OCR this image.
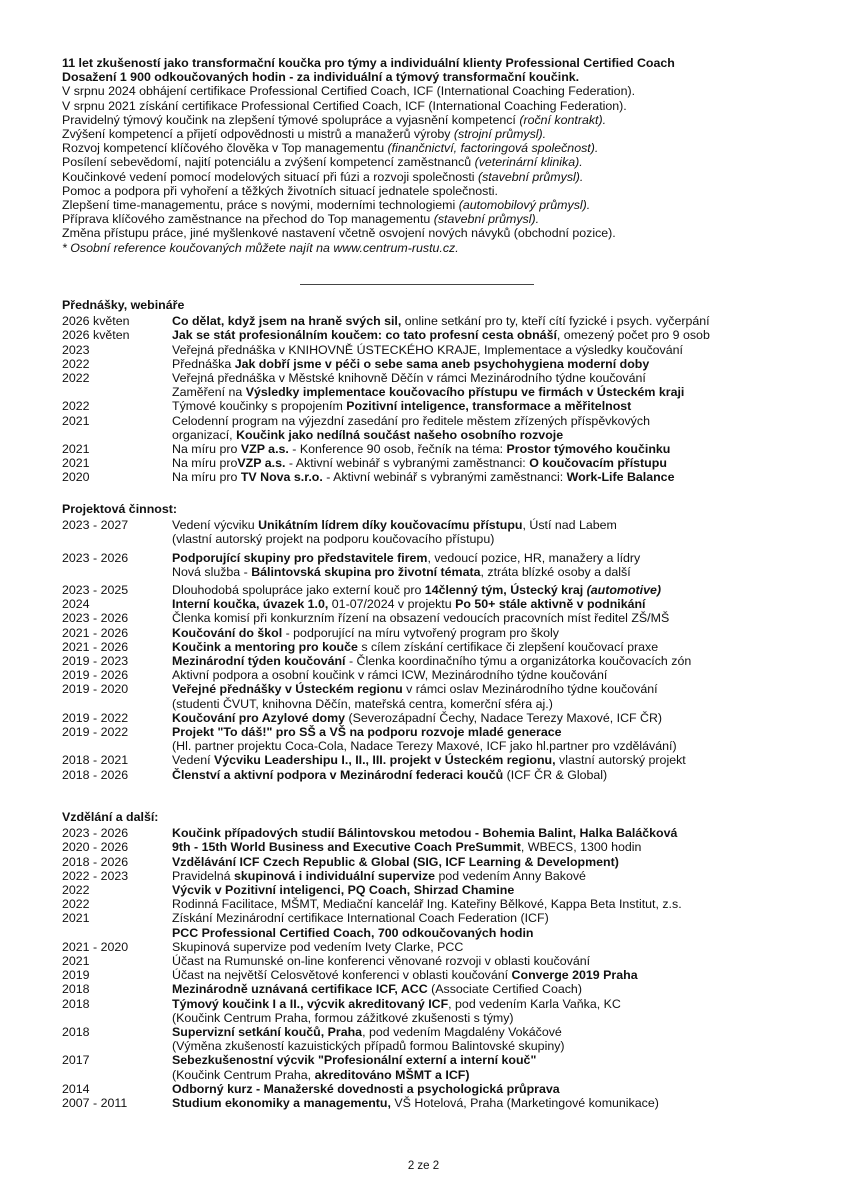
11 let zkušeností jako transformační koučka pro týmy a individuální klienty Professional Certified Coach
Dosažení 1 900 odkoučovaných hodin - za individuální a týmový transformační koučink.
V srpnu 2024 obhájení certifikace Professional Certified Coach, ICF (International Coaching Federation).
V srpnu 2021 získání certifikace Professional Certified Coach, ICF (International Coaching Federation).
Pravidelný týmový koučink na zlepšení týmové spolupráce a vyjasnění kompetencí (roční kontrakt).
Zvýšení kompetencí a přijetí odpovědnosti u mistrů a manažerů výroby (strojní průmysl).
Rozvoj kompetencí klíčového člověka v Top managementu (finančnictví, factoringová společnost).
Posílení sebevědomí, najití potenciálu a zvýšení kompetencí zaměstnanců (veterinární klinika).
Koučinkové vedení pomocí modelových situací při fúzi a rozvoji společnosti (stavební průmysl).
Pomoc a podpora při vyhoření a těžkých životních situací jednatele společnosti.
Zlepšení time-managementu, práce s novými, moderními technologiemi (automobilový průmysl).
Příprava klíčového zaměstnance na přechod do Top managementu (stavební průmysl).
Změna přístupu práce, jiné myšlenkové nastavení včetně osvojení nových návyků (obchodní pozice).
* Osobní reference koučovaných můžete najít na www.centrum-rustu.cz.
Přednášky, webináře
2026 květen	Co dělat, když jsem na hraně svých sil, online setkání pro ty, kteří cítí fyzické i psych. vyčerpání
2026 květen	Jak se stát profesionálním koučem: co tato profesní cesta obnáší, omezený počet pro 9 osob
2023	Veřejná přednáška v KNIHOVNĚ ÚSTECKÉHO KRAJE, Implementace a výsledky koučování
2022	Přednáška Jak dobří jsme v péči o sebe sama aneb psychohygiena moderní doby
2022	Veřejná přednáška v Městské knihovně Děčín v rámci Mezinárodního týdne koučování
Zaměření na Výsledky implementace koučovacího přístupu ve firmách v Ústeckém kraji
2022	Týmové koučinky s propojením Pozitivní inteligence, transformace a měřitelnost
2021	Celodenní program na výjezdní zasedání pro ředitele městem zřízených příspěvkových
organizací, Koučink jako nedílná součást našeho osobního rozvoje
2021	Na míru pro VZP a.s. - Konference 90 osob, řečník na téma: Prostor týmového koučinku
2021	Na míru proVZP a.s. - Aktivní webinář s vybranými zaměstnanci: O koučovacím přístupu
2020	Na míru pro TV Nova s.r.o. - Aktivní webinář s vybranými zaměstnanci: Work-Life Balance
Projektová činnost:
2023 - 2027	Vedení výcviku Unikátním lídrem díky koučovacímu přístupu, Ústí nad Labem
(vlastní autorský projekt na podporu koučovacího přístupu)
2023 - 2026	Podporující skupiny pro představitele firem, vedoucí pozice, HR, manažery a lídry
Nová služba - Bálintovská skupina pro životní témata, ztráta blízké osoby a další
2023 - 2025	Dlouhodobá spolupráce jako externí kouč pro 14členný tým, Ústecký kraj (automotive)
2024	Interní koučka, úvazek 1.0, 01-07/2024 v projektu Po 50+ stále aktivně v podnikání
2023 - 2026	Členka komisí při konkurzním řízení na obsazení vedoucích pracovních míst ředitel ZŠ/MŠ
2021 - 2026	Koučování do škol - podporující na míru vytvořený program pro školy
2021 - 2026	Koučink a mentoring pro kouče s cílem získání certifikace či zlepšení koučovací praxe
2019 - 2023	Mezinárodní týden koučování - Členka koordinačního týmu a organizátorka koučovacích zón
2019 - 2026	Aktivní podpora a osobní koučink v rámci ICW, Mezinárodního týdne koučování
2019 - 2020	Veřejné přednášky v Ústeckém regionu v rámci oslav Mezinárodního týdne koučování
(studenti ČVUT, knihovna Děčín, mateřská centra, komerční sféra aj.)
2019 - 2022	Koučování pro Azylové domy (Severozápadní Čechy, Nadace Terezy Maxové, ICF ČR)
2019 - 2022	Projekt "To dáš!" pro SŠ a VŠ na podporu rozvoje mladé generace
(Hl. partner projektu Coca-Cola, Nadace Terezy Maxové, ICF jako hl.partner pro vzdělávání)
2018 - 2021	Vedení Výcviku Leadershipu I., II., III. projekt v Ústeckém regionu, vlastní autorský projekt
2018 - 2026	Členství a aktivní podpora v Mezinárodní federaci koučů (ICF ČR & Global)
Vzdělání a další:
2023 - 2026	Koučink případových studií Bálintovskou metodou - Bohemia Balint, Halka Baláčková
2020 - 2026	9th - 15th World Business and Executive Coach PreSummit, WBECS, 1300 hodin
2018 - 2026	Vzdělávání ICF Czech Republic & Global (SIG, ICF Learning & Development)
2022 - 2023	Pravidelná skupinová i individuální supervize pod vedením Anny Bakové
2022	Výcvik v Pozitivní inteligenci, PQ Coach, Shirzad Chamine
2022	Rodinná Facilitace, MŠMT, Mediační kancelář Ing. Kateřiny Bělkové, Kappa Beta Institut, z.s.
2021	Získání Mezinárodní certifikace International Coach Federation (ICF)
PCC Professional Certified Coach, 700 odkoučovaných hodin
2021 - 2020	Skupinová supervize pod vedením Ivety Clarke, PCC
2021	Účast na Rumunské on-line konferenci věnované rozvoji v oblasti koučování
2019	Účast na největší Celosvětové konferenci v oblasti koučování Converge 2019 Praha
2018	Mezinárodně uznávaná certifikace ICF, ACC (Associate Certified Coach)
2018	Týmový koučink I a II., výcvik akreditovaný ICF, pod vedením Karla Vaňka, KC
(Koučink Centrum Praha, formou zážitkové zkušenosti s týmy)
2018	Supervizní setkání koučů, Praha, pod vedením Magdalény Vokáčové
(Výměna zkušeností kazuistických případů formou Balintovské skupiny)
2017	Sebezkušenostní výcvik "Profesionální externí a interní kouč"
(Koučink Centrum Praha, akreditováno MŠMT a ICF)
2014	Odborný kurz - Manažerské dovednosti a psychologická průprava
2007 - 2011	Studium ekonomiky a managementu, VŠ Hotelová, Praha (Marketingové komunikace)
2 ze 2
